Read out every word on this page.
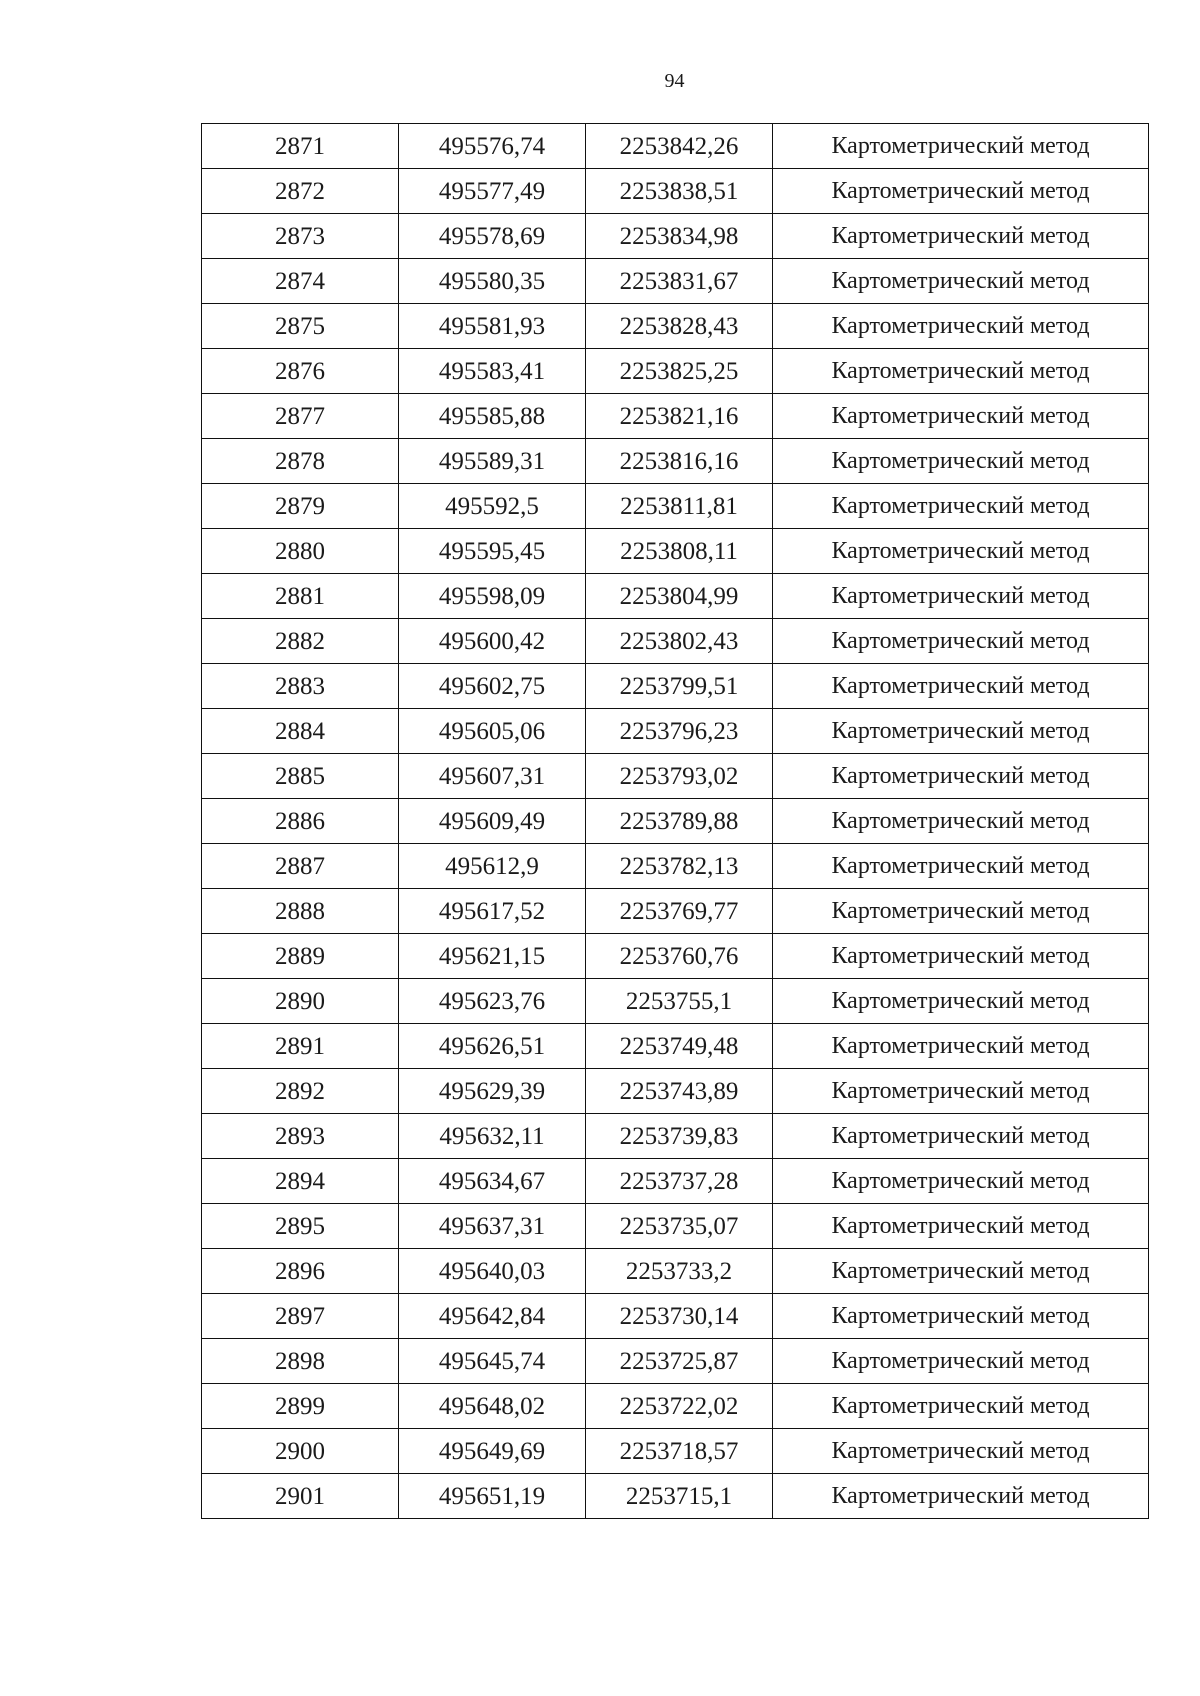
94
2871	495576,74	2253842,26	Картометрический метод
2872	495577,49	2253838,51	Картометрический метод
2873	495578,69	2253834,98	Картометрический метод
2874	495580,35	2253831,67	Картометрический метод
2875	495581,93	2253828,43	Картометрический метод
2876	495583,41	2253825,25	Картометрический метод
2877	495585,88	2253821,16	Картометрический метод
2878	495589,31	2253816,16	Картометрический метод
2879	495592,5	2253811,81	Картометрический метод
2880	495595,45	2253808,11	Картометрический метод
2881	495598,09	2253804,99	Картометрический метод
2882	495600,42	2253802,43	Картометрический метод
2883	495602,75	2253799,51	Картометрический метод
2884	495605,06	2253796,23	Картометрический метод
2885	495607,31	2253793,02	Картометрический метод
2886	495609,49	2253789,88	Картометрический метод
2887	495612,9	2253782,13	Картометрический метод
2888	495617,52	2253769,77	Картометрический метод
2889	495621,15	2253760,76	Картометрический метод
2890	495623,76	2253755,1	Картометрический метод
2891	495626,51	2253749,48	Картометрический метод
2892	495629,39	2253743,89	Картометрический метод
2893	495632,11	2253739,83	Картометрический метод
2894	495634,67	2253737,28	Картометрический метод
2895	495637,31	2253735,07	Картометрический метод
2896	495640,03	2253733,2	Картометрический метод
2897	495642,84	2253730,14	Картометрический метод
2898	495645,74	2253725,87	Картометрический метод
2899	495648,02	2253722,02	Картометрический метод
2900	495649,69	2253718,57	Картометрический метод
2901	495651,19	2253715,1	Картометрический метод
